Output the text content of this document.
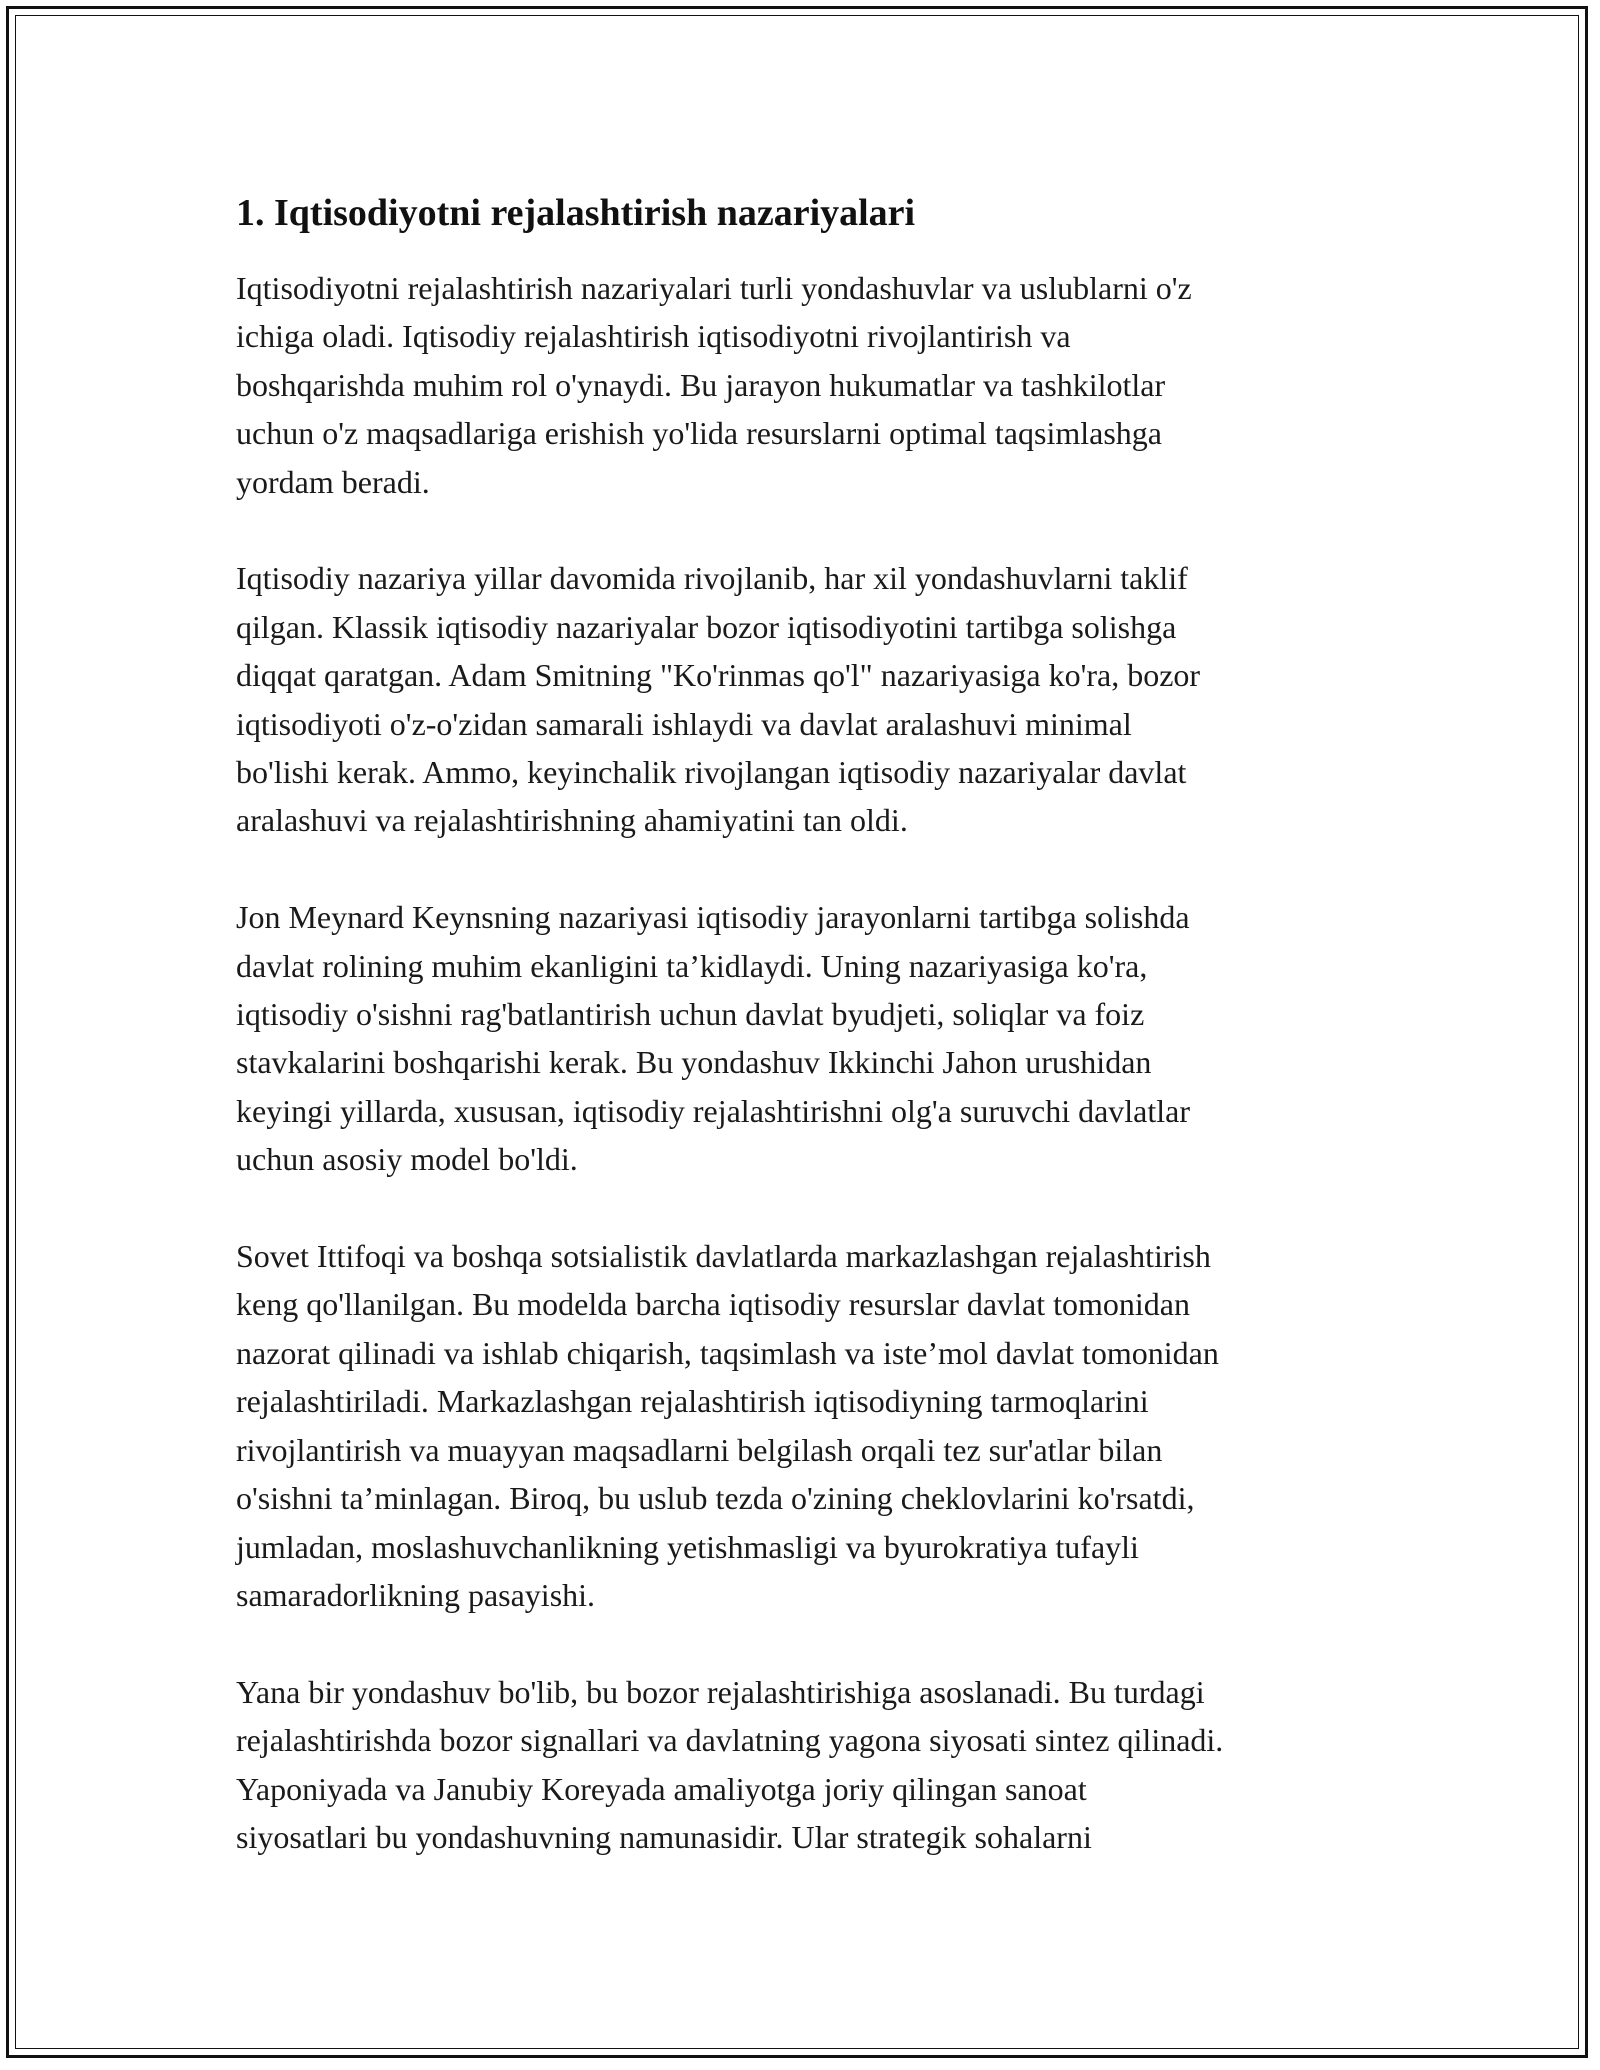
1. Iqtisodiyotni rejalashtirish nazariyalari

Iqtisodiyotni rejalashtirish nazariyalari turli yondashuvlar va uslublarni o'z
ichiga oladi. Iqtisodiy rejalashtirish iqtisodiyotni rivojlantirish va
boshqarishda muhim rol o'ynaydi. Bu jarayon hukumatlar va tashkilotlar
uchun o'z maqsadlariga erishish yo'lida resurslarni optimal taqsimlashga
yordam beradi.

Iqtisodiy nazariya yillar davomida rivojlanib, har xil yondashuvlarni taklif
qilgan. Klassik iqtisodiy nazariyalar bozor iqtisodiyotini tartibga solishga
diqqat qaratgan. Adam Smitning "Ko'rinmas qo'l" nazariyasiga ko'ra, bozor
iqtisodiyoti o'z-o'zidan samarali ishlaydi va davlat aralashuvi minimal
bo'lishi kerak. Ammo, keyinchalik rivojlangan iqtisodiy nazariyalar davlat
aralashuvi va rejalashtirishning ahamiyatini tan oldi.

Jon Meynard Keynsning nazariyasi iqtisodiy jarayonlarni tartibga solishda
davlat rolining muhim ekanligini ta’kidlaydi. Uning nazariyasiga ko'ra,
iqtisodiy o'sishni rag'batlantirish uchun davlat byudjeti, soliqlar va foiz
stavkalarini boshqarishi kerak. Bu yondashuv Ikkinchi Jahon urushidan
keyingi yillarda, xususan, iqtisodiy rejalashtirishni olg'a suruvchi davlatlar
uchun asosiy model bo'ldi.

Sovet Ittifoqi va boshqa sotsialistik davlatlarda markazlashgan rejalashtirish
keng qo'llanilgan. Bu modelda barcha iqtisodiy resurslar davlat tomonidan
nazorat qilinadi va ishlab chiqarish, taqsimlash va iste’mol davlat tomonidan
rejalashtiriladi. Markazlashgan rejalashtirish iqtisodiyning tarmoqlarini
rivojlantirish va muayyan maqsadlarni belgilash orqali tez sur'atlar bilan
o'sishni ta’minlagan. Biroq, bu uslub tezda o'zining cheklovlarini ko'rsatdi,
jumladan, moslashuvchanlikning yetishmasligi va byurokratiya tufayli
samaradorlikning pasayishi.

Yana bir yondashuv bo'lib, bu bozor rejalashtirishiga asoslanadi. Bu turdagi
rejalashtirishda bozor signallari va davlatning yagona siyosati sintez qilinadi.
Yaponiyada va Janubiy Koreyada amaliyotga joriy qilingan sanoat
siyosatlari bu yondashuvning namunasidir. Ular strategik sohalarni
